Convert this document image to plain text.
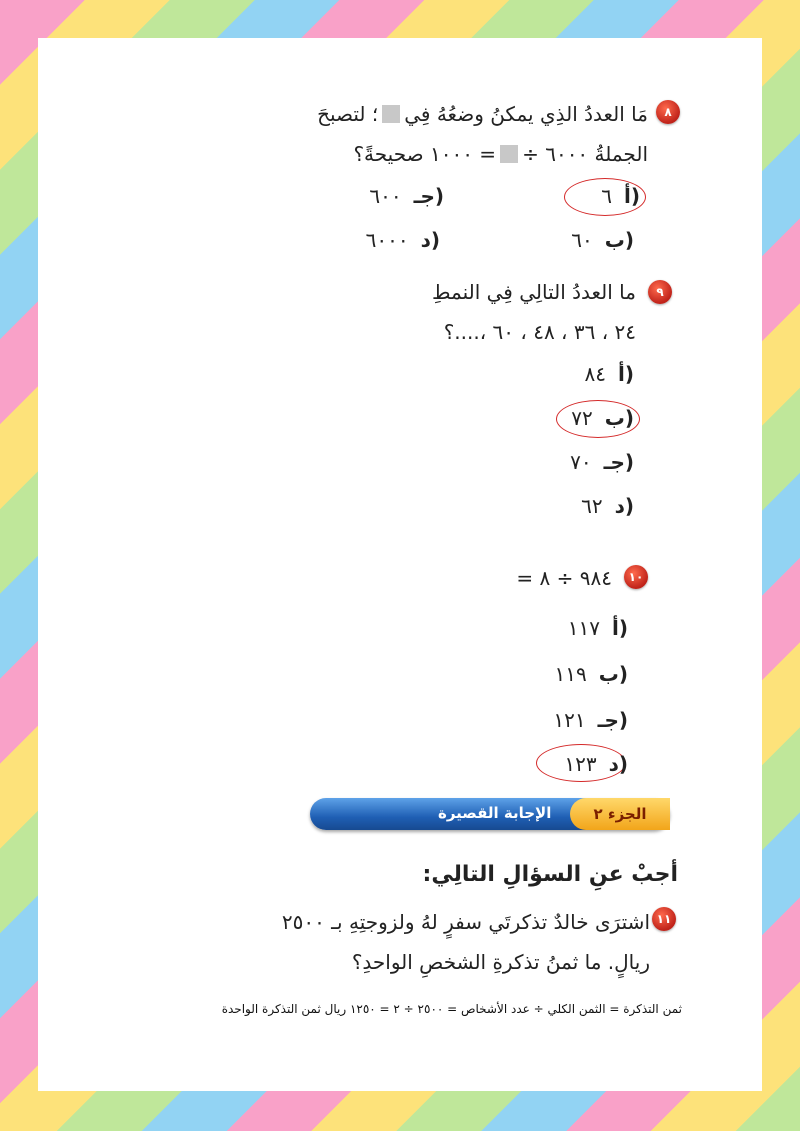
٨
مَا العددُ الذِي يمكنُ وضعُهُ فِي؛ لتصبحَ
الجملةُ ٦٠٠٠ ÷= ١٠٠٠ صحيحةً؟
أ)
٦
جـ)
٦٠٠
ب)
٦٠
د)
٦٠٠٠
٩
ما العددُ التالِي فِي النمطِ
٢٤ ، ٣٦ ، ٤٨ ، ٦٠ ،....؟
أ)
٨٤
ب)
٧٢
جـ)
٧٠
د)
٦٢
١٠
٩٨٤ ÷ ٨ =
أ)
١١٧
ب)
١١٩
جـ)
١٢١
د)
١٢٣
الجزء ٢
الإجابة القصيرة
أجبْ عنِ السؤالِ التالِي:
١١
اشترَى خالدٌ تذكرتَي سفرٍ لهُ ولزوجتِهِ بـ ٢٥٠٠
ريالٍ. ما ثمنُ تذكرةِ الشخصِ الواحدِ؟
ثمن التذكرة = الثمن الكلي ÷ عدد الأشخاص = ٢٥٠٠ ÷ ٢ = ١٢٥٠ ريال ثمن التذكرة الواحدة
